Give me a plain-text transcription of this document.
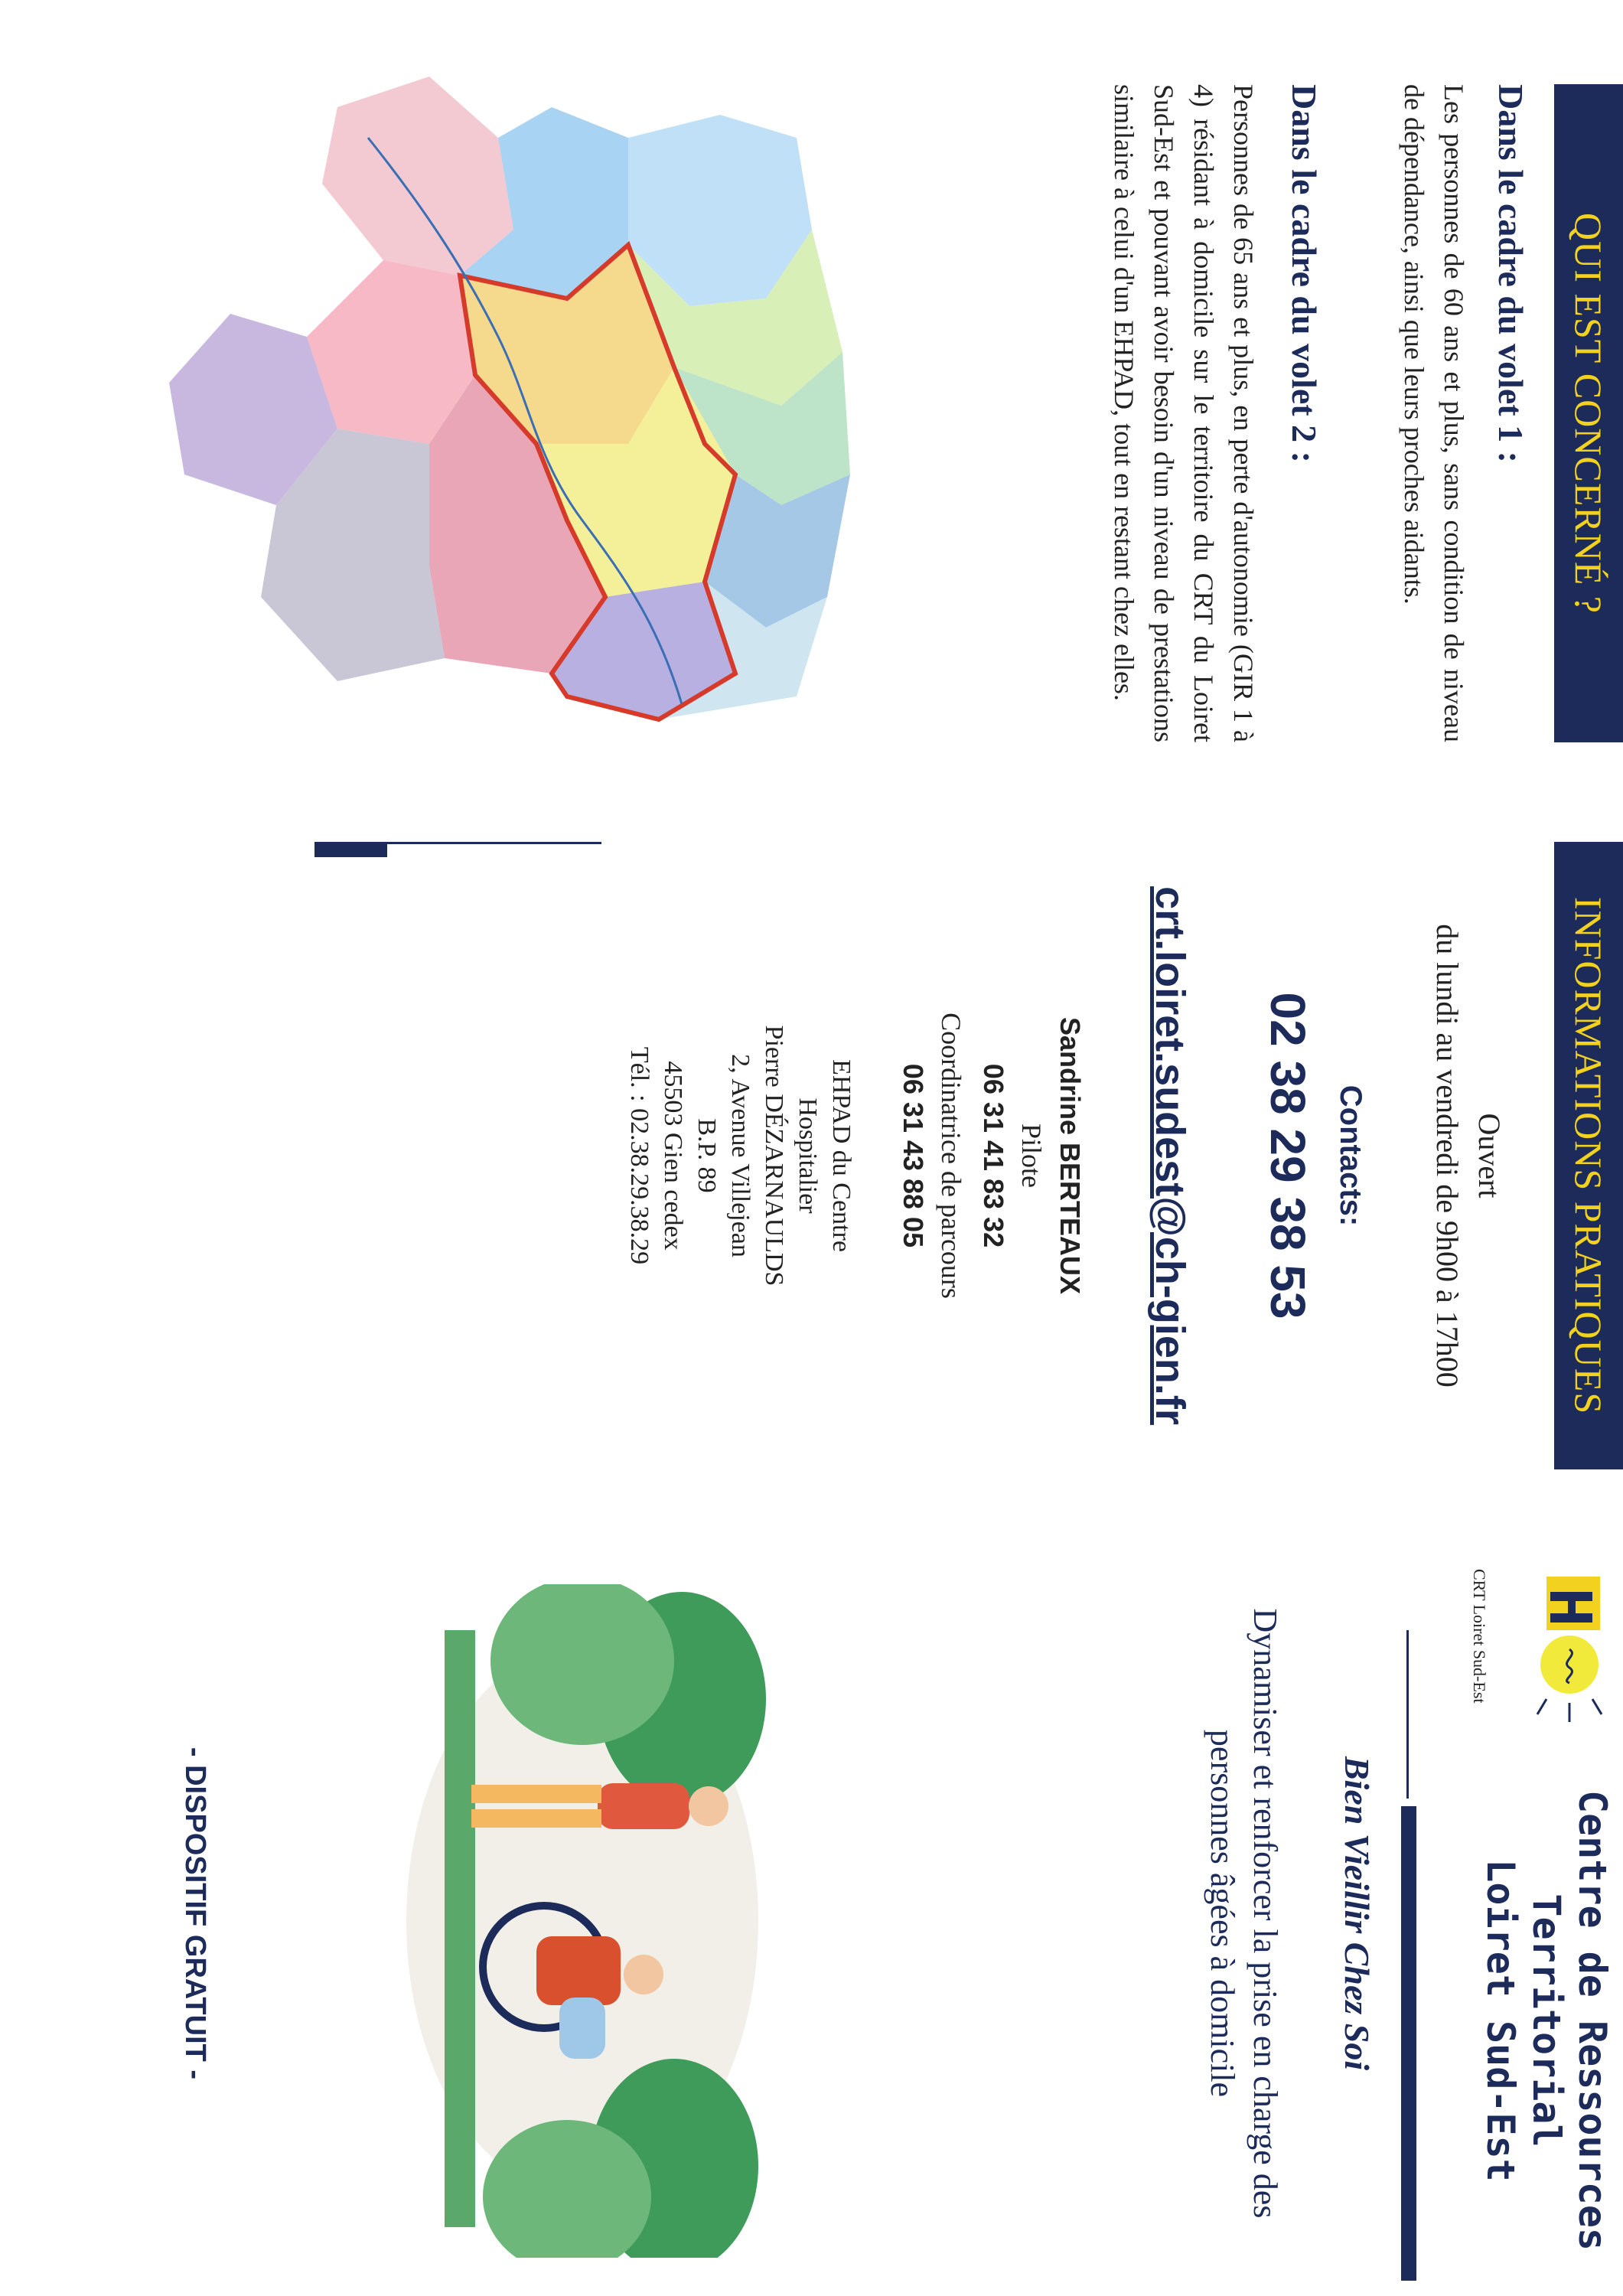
QUI EST CONCERNÉ ?
Dans le cadre du volet 1 :
Les personnes de 60 ans et plus, sans condition de niveau de dépendance, ainsi que leurs proches aidants.
Dans le cadre du volet 2 :
Personnes de 65 ans et plus, en perte d'autonomie (GIR 1 à 4) résidant à domicile sur le territoire du CRT du Loiret Sud-Est et pouvant avoir besoin d'un niveau de prestations similaire à celui d'un EHPAD, tout en restant chez elles.
INFORMATIONS PRATIQUES
Ouvert
du lundi au vendredi de 9h00 à 17h00
Contacts:
02 38 29 38 53
crt.loiret.sudest@ch-gien.fr
Sandrine BERTEAUX
Pilote
06 31 41 83 32
Coordinatrice de parcours
06 31 43 88 05
EHPAD du Centre
Hospitalier
Pierre DÉZARNAULDS
2, Avenue Villejean
B.P. 89
45503 Gien cedex
Tél. : 02.38.29.38.29
CRT Loiret Sud-Est
Centre de Ressources
Territorial
Loiret Sud-Est
Bien Vieillir Chez Soi
Dynamiser et renforcer la prise en charge des personnes âgées à domicile
- DISPOSITIF GRATUIT -
